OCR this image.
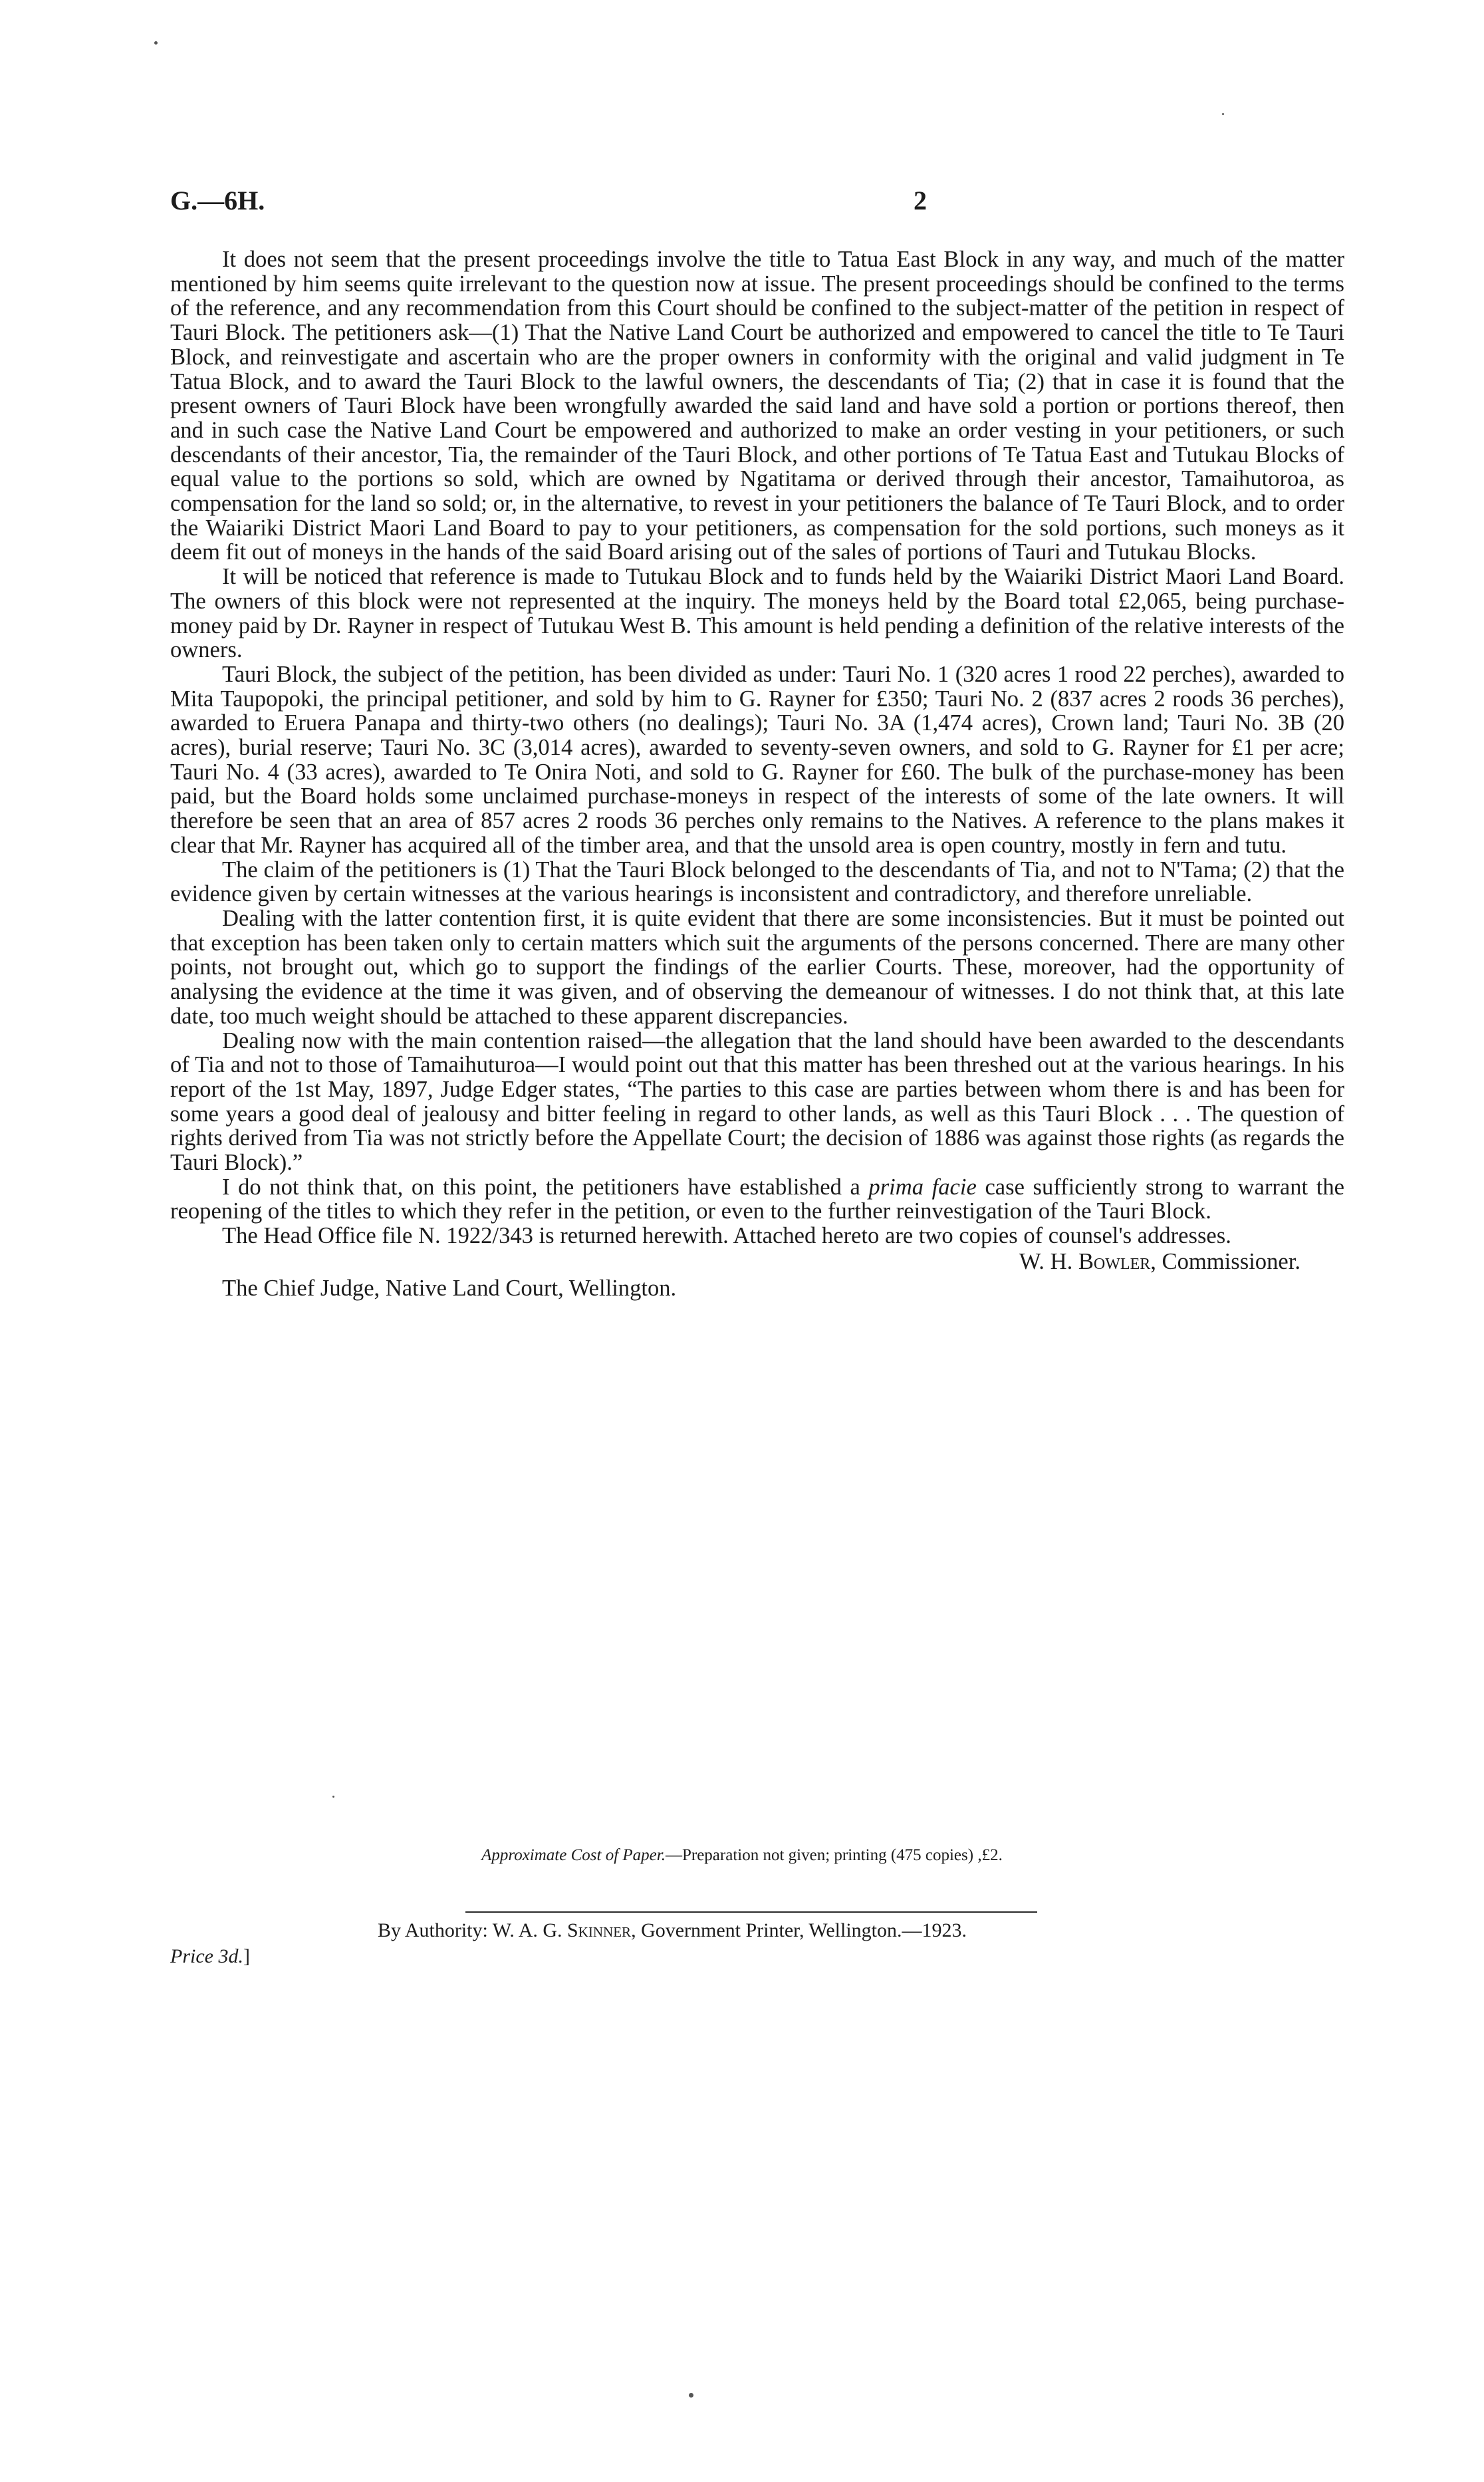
G.—6H.	2

It does not seem that the present proceedings involve the title to Tatua East Block in any way, and much of the matter mentioned by him seems quite irrelevant to the question now at issue. The present proceedings should be confined to the terms of the reference, and any recommendation from this Court should be confined to the subject-matter of the petition in respect of Tauri Block. The petitioners ask—(1) That the Native Land Court be authorized and empowered to cancel the title to Te Tauri Block, and reinvestigate and ascertain who are the proper owners in conformity with the original and valid judgment in Te Tatua Block, and to award the Tauri Block to the lawful owners, the descendants of Tia; (2) that in case it is found that the present owners of Tauri Block have been wrongfully awarded the said land and have sold a portion or portions thereof, then and in such case the Native Land Court be empowered and authorized to make an order vesting in your petitioners, or such descendants of their ancestor, Tia, the remainder of the Tauri Block, and other portions of Te Tatua East and Tutukau Blocks of equal value to the portions so sold, which are owned by Ngatitama or derived through their ancestor, Tamaihutoroa, as compensation for the land so sold; or, in the alternative, to revest in your petitioners the balance of Te Tauri Block, and to order the Waiariki District Maori Land Board to pay to your petitioners, as compensation for the sold portions, such moneys as it deem fit out of moneys in the hands of the said Board arising out of the sales of portions of Tauri and Tutukau Blocks.

It will be noticed that reference is made to Tutukau Block and to funds held by the Waiariki District Maori Land Board. The owners of this block were not represented at the inquiry. The moneys held by the Board total £2,065, being purchase-money paid by Dr. Rayner in respect of Tutukau West B. This amount is held pending a definition of the relative interests of the owners.

Tauri Block, the subject of the petition, has been divided as under: Tauri No. 1 (320 acres 1 rood 22 perches), awarded to Mita Taupopoki, the principal petitioner, and sold by him to G. Rayner for £350; Tauri No. 2 (837 acres 2 roods 36 perches), awarded to Eruera Panapa and thirty-two others (no dealings); Tauri No. 3A (1,474 acres), Crown land; Tauri No. 3B (20 acres), burial reserve; Tauri No. 3C (3,014 acres), awarded to seventy-seven owners, and sold to G. Rayner for £1 per acre; Tauri No. 4 (33 acres), awarded to Te Onira Noti, and sold to G. Rayner for £60. The bulk of the purchase-money has been paid, but the Board holds some unclaimed purchase-moneys in respect of the interests of some of the late owners. It will therefore be seen that an area of 857 acres 2 roods 36 perches only remains to the Natives. A reference to the plans makes it clear that Mr. Rayner has acquired all of the timber area, and that the unsold area is open country, mostly in fern and tutu.

The claim of the petitioners is (1) That the Tauri Block belonged to the descendants of Tia, and not to N'Tama; (2) that the evidence given by certain witnesses at the various hearings is inconsistent and contradictory, and therefore unreliable.

Dealing with the latter contention first, it is quite evident that there are some inconsistencies. But it must be pointed out that exception has been taken only to certain matters which suit the arguments of the persons concerned. There are many other points, not brought out, which go to support the findings of the earlier Courts. These, moreover, had the opportunity of analysing the evidence at the time it was given, and of observing the demeanour of witnesses. I do not think that, at this late date, too much weight should be attached to these apparent discrepancies.

Dealing now with the main contention raised—the allegation that the land should have been awarded to the descendants of Tia and not to those of Tamaihuturoa—I would point out that this matter has been threshed out at the various hearings. In his report of the 1st May, 1897, Judge Edger states, “The parties to this case are parties between whom there is and has been for some years a good deal of jealousy and bitter feeling in regard to other lands, as well as this Tauri Block . . . The question of rights derived from Tia was not strictly before the Appellate Court; the decision of 1886 was against those rights (as regards the Tauri Block).”

I do not think that, on this point, the petitioners have established a prima facie case sufficiently strong to warrant the reopening of the titles to which they refer in the petition, or even to the further reinvestigation of the Tauri Block.

The Head Office file N. 1922/343 is returned herewith. Attached hereto are two copies of counsel's addresses.

W. H. Bowler, Commissioner.
The Chief Judge, Native Land Court, Wellington.
Approximate Cost of Paper.—Preparation not given; printing (475 copies) ,£2.
By Authority: W. A. G. Skinner, Government Printer, Wellington.—1923.
Price 3d.]
